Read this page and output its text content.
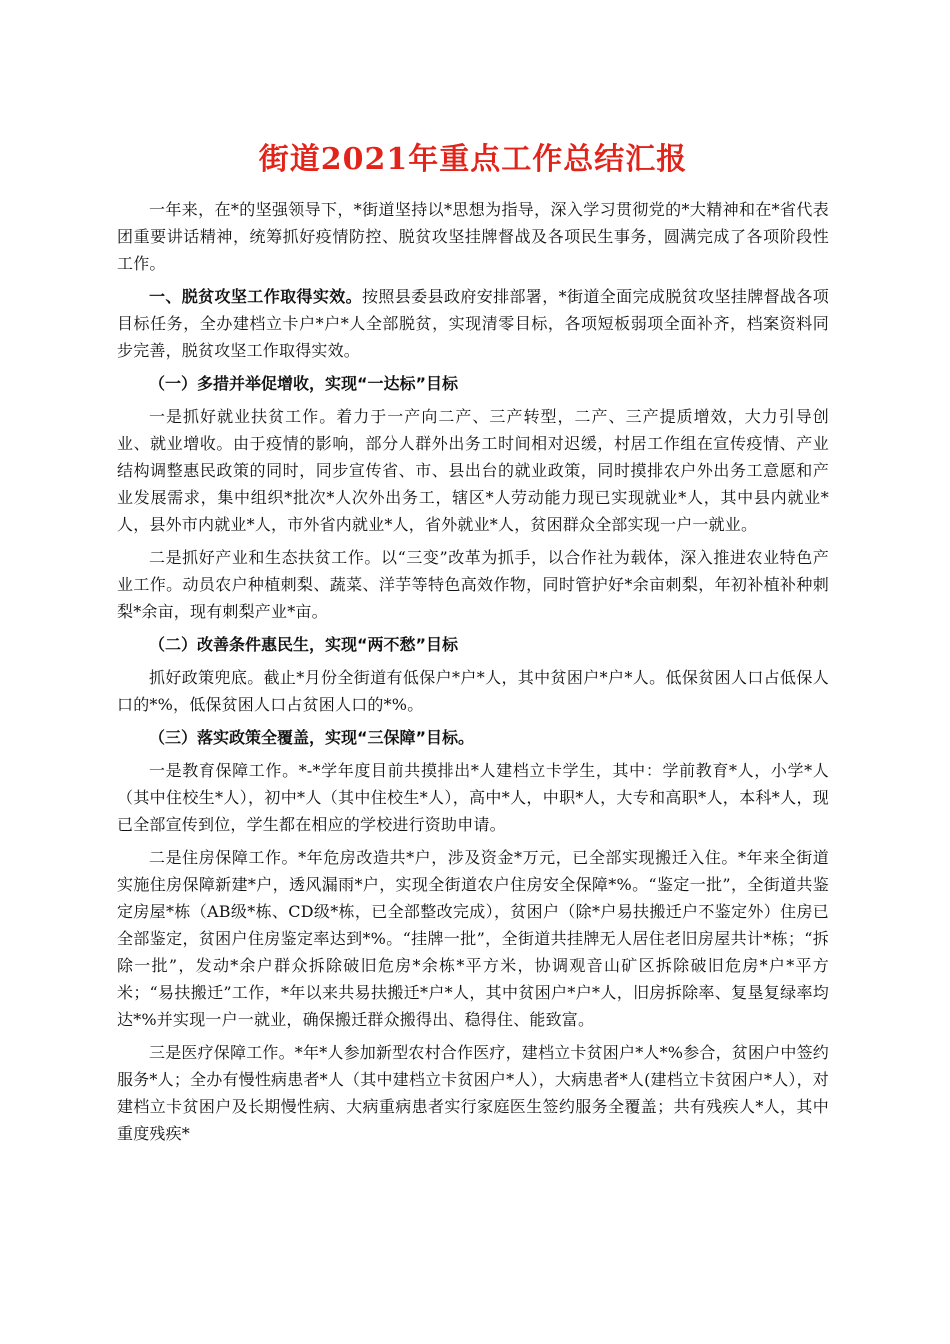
街道2021年重点工作总结汇报

一年来，在*的坚强领导下，*街道坚持以*思想为指导，深入学习贯彻党的*大精神和在*省代表团重要讲话精神，统筹抓好疫情防控、脱贫攻坚挂牌督战及各项民生事务，圆满完成了各项阶段性工作。

一、脱贫攻坚工作取得实效。按照县委县政府安排部署，*街道全面完成脱贫攻坚挂牌督战各项目标任务，全办建档立卡户*户*人全部脱贫，实现清零目标，各项短板弱项全面补齐，档案资料同步完善，脱贫攻坚工作取得实效。

（一）多措并举促增收，实现“一达标”目标

一是抓好就业扶贫工作。着力于一产向二产、三产转型，二产、三产提质增效，大力引导创业、就业增收。由于疫情的影响，部分人群外出务工时间相对迟缓，村居工作组在宣传疫情、产业结构调整惠民政策的同时，同步宣传省、市、县出台的就业政策，同时摸排农户外出务工意愿和产业发展需求，集中组织*批次*人次外出务工，辖区*人劳动能力现已实现就业*人，其中县内就业*人，县外市内就业*人，市外省内就业*人，省外就业*人，贫困群众全部实现一户一就业。

二是抓好产业和生态扶贫工作。以“三变”改革为抓手，以合作社为载体，深入推进农业特色产业工作。动员农户种植刺梨、蔬菜、洋芋等特色高效作物，同时管护好*余亩刺梨，年初补植补种刺梨*余亩，现有刺梨产业*亩。

（二）改善条件惠民生，实现“两不愁”目标

抓好政策兜底。截止*月份全街道有低保户*户*人，其中贫困户*户*人。低保贫困人口占低保人口的*%，低保贫困人口占贫困人口的*%。

（三）落实政策全覆盖，实现“三保障”目标。

一是教育保障工作。*-*学年度目前共摸排出*人建档立卡学生，其中：学前教育*人，小学*人（其中住校生*人），初中*人（其中住校生*人），高中*人，中职*人，大专和高职*人，本科*人，现已全部宣传到位，学生都在相应的学校进行资助申请。

二是住房保障工作。*年危房改造共*户，涉及资金*万元，已全部实现搬迁入住。*年来全街道实施住房保障新建*户，透风漏雨*户，实现全街道农户住房安全保障*%。“鉴定一批”，全街道共鉴定房屋*栋（AB级*栋、CD级*栋，已全部整改完成），贫困户（除*户易扶搬迁户不鉴定外）住房已全部鉴定，贫困户住房鉴定率达到*%。“挂牌一批”，全街道共挂牌无人居住老旧房屋共计*栋；“拆除一批”，发动*余户群众拆除破旧危房*余栋*平方米，协调观音山矿区拆除破旧危房*户*平方米；“易扶搬迁”工作，*年以来共易扶搬迁*户*人，其中贫困户*户*人，旧房拆除率、复垦复绿率均达*%并实现一户一就业，确保搬迁群众搬得出、稳得住、能致富。

三是医疗保障工作。*年*人参加新型农村合作医疗，建档立卡贫困户*人*%参合，贫困户中签约服务*人；全办有慢性病患者*人（其中建档立卡贫困户*人），大病患者*人(建档立卡贫困户*人），对建档立卡贫困户及长期慢性病、大病重病患者实行家庭医生签约服务全覆盖；共有残疾人*人，其中重度残疾*
